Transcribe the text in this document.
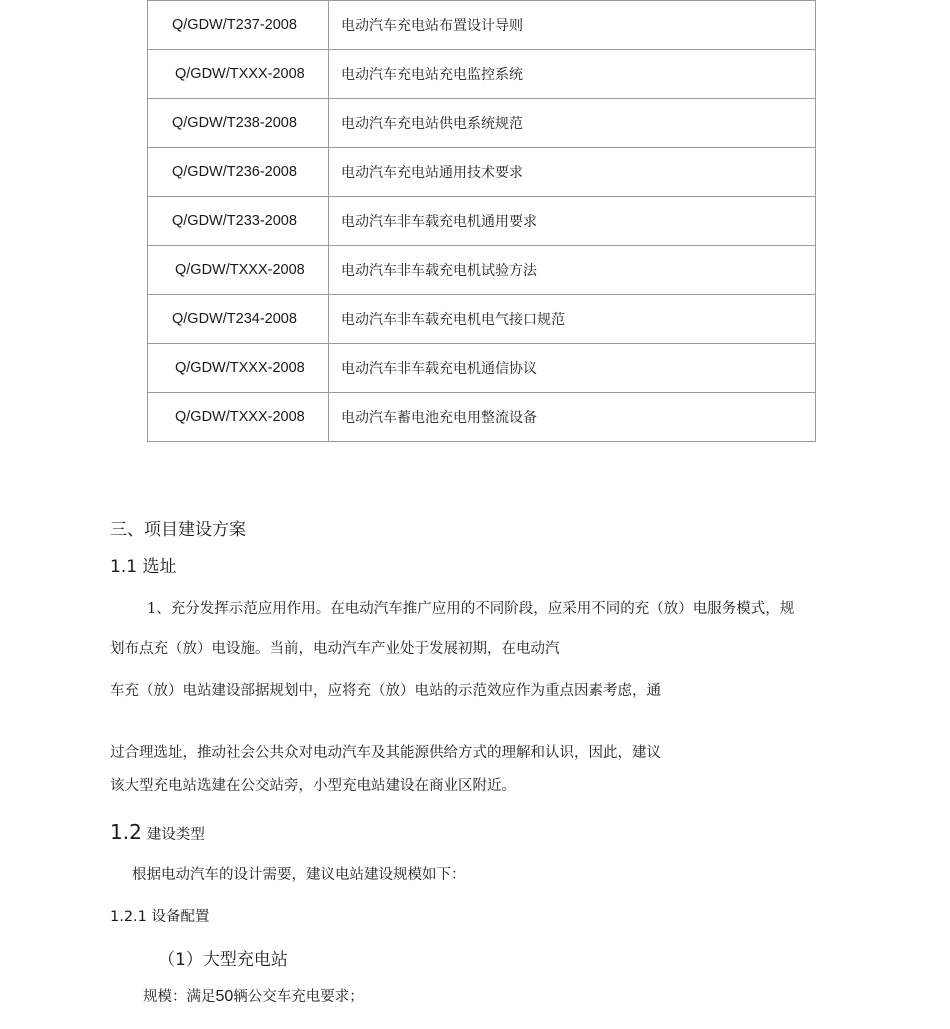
Q/GDW/T237-2008	电动汽车充电站布置设计导则
Q/GDW/TXXX-2008	电动汽车充电站充电监控系统
Q/GDW/T238-2008	电动汽车充电站供电系统规范
Q/GDW/T236-2008	电动汽车充电站通用技术要求
Q/GDW/T233-2008	电动汽车非车载充电机通用要求
Q/GDW/TXXX-2008	电动汽车非车载充电机试验方法
Q/GDW/T234-2008	电动汽车非车载充电机电气接口规范
Q/GDW/TXXX-2008	电动汽车非车载充电机通信协议
Q/GDW/TXXX-2008	电动汽车蓄电池充电用整流设备
三、项目建设方案
1.1 选址
1、充分发挥示范应用作用。在电动汽车推广应用的不同阶段，应采用不同的充（放）电服务模式，规
划布点充（放）电设施。当前，电动汽车产业处于发展初期，在电动汽
车充（放）电站建设部据规划中，应将充（放）电站的示范效应作为重点因素考虑，通
过合理选址，推动社会公共众对电动汽车及其能源供给方式的理解和认识，因此，建议
该大型充电站选建在公交站旁，小型充电站建设在商业区附近。
1.2 建设类型
根据电动汽车的设计需要，建议电站建设规模如下：
1.2.1 设备配置
（1）大型充电站
规模：满足50辆公交车充电要求；
